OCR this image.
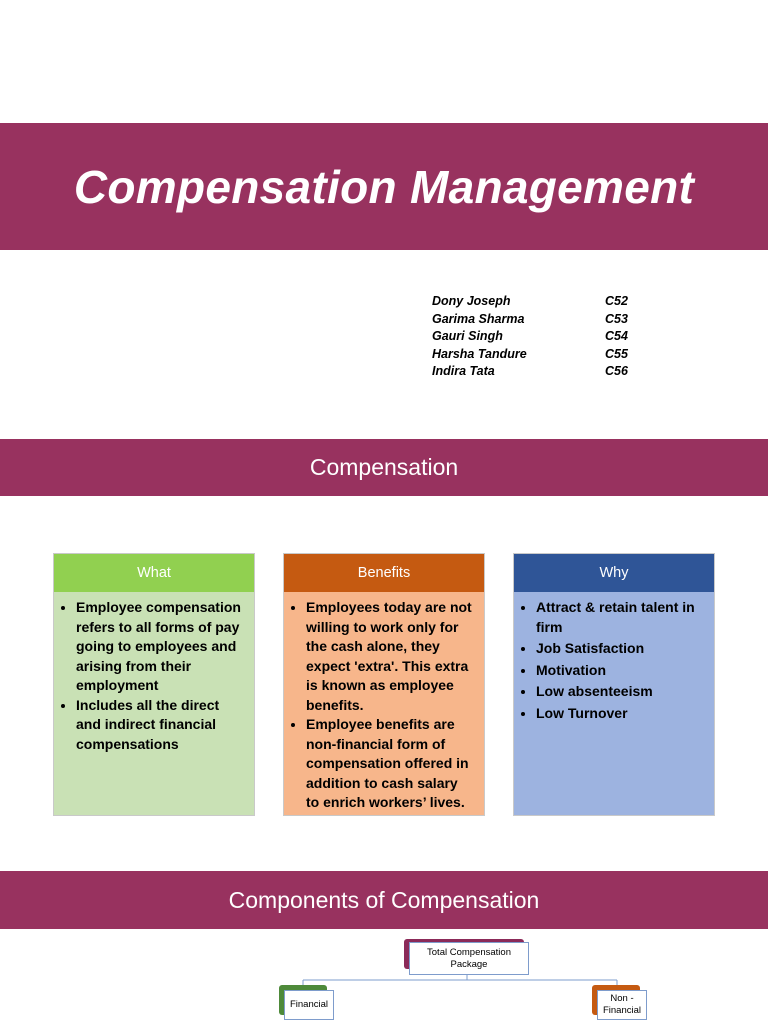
Compensation Management
Dony Joseph	C52
Garima Sharma	C53
Gauri Singh	C54
Harsha Tandure	C55
Indira Tata	C56
Compensation
What
• Employee compensation refers to all forms of pay going to employees and arising from their employment
• Includes all the direct and indirect financial compensations
Benefits
• Employees today are not willing to work only for the cash alone, they expect 'extra'. This extra is known as employee benefits.
• Employee benefits are non-financial form of compensation offered in addition to cash salary to enrich workers’ lives.
Why
• Attract & retain talent in firm
• Job Satisfaction
• Motivation
• Low absenteeism
• Low Turnover
Components of Compensation
Total Compensation Package
Financial
Non - Financial
